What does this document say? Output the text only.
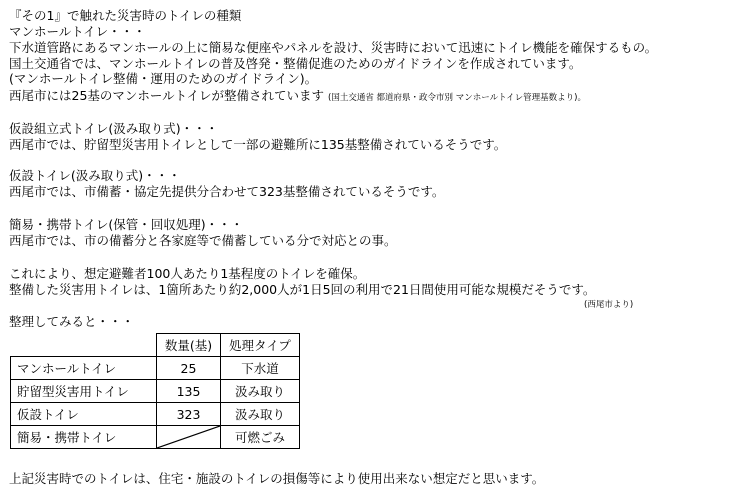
『その1』で触れた災害時のトイレの種類
マンホールトイレ・・・
下水道管路にあるマンホールの上に簡易な便座やパネルを設け、災害時において迅速にトイレ機能を確保するもの。
国土交通省では、マンホールトイレの普及啓発・整備促進のためのガイドラインを作成されています。
(マンホールトイレ整備・運用のためのガイドライン)。
西尾市には25基のマンホールトイレが整備されています (国土交通省 都道府県・政令市別 マンホールトイレ管理基数より)。
仮設組立式トイレ(汲み取り式)・・・
西尾市では、貯留型災害用トイレとして一部の避難所に135基整備されているそうです。
仮設トイレ(汲み取り式)・・・
西尾市では、市備蓄・協定先提供分合わせて323基整備されているそうです。
簡易・携帯トイレ(保管・回収処理)・・・
西尾市では、市の備蓄分と各家庭等で備蓄している分で対応との事。
これにより、想定避難者100人あたり1基程度のトイレを確保。
整備した災害用トイレは、1箇所あたり約2,000人が1日5回の利用で21日間使用可能な規模だそうです。
(西尾市より)
整理してみると・・・
	数量(基)	処理タイプ
マンホールトイレ	25	下水道
貯留型災害用トイレ	135	汲み取り
仮設トイレ	323	汲み取り
簡易・携帯トイレ		可燃ごみ
上記災害時でのトイレは、住宅・施設のトイレの損傷等により使用出来ない想定だと思います。
